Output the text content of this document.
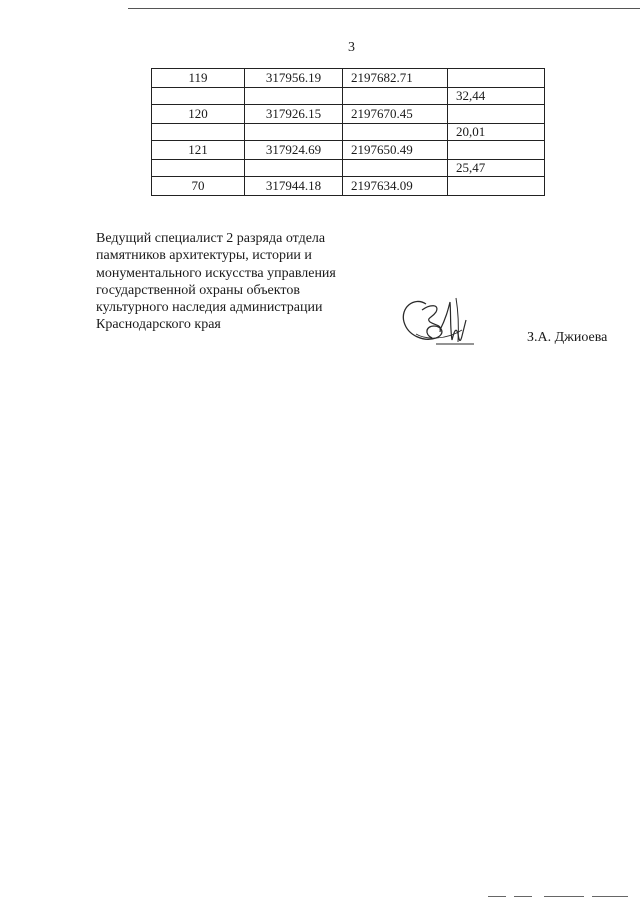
3
119	317956.19	2197682.71	
			32,44
120	317926.15	2197670.45	
			20,01
121	317924.69	2197650.49	
			25,47
70	317944.18	2197634.09	
Ведущий специалист 2 разряда отдела
памятников архитектуры, истории и
монументального искусства управления
государственной охраны объектов
культурного наследия администрации
Краснодарского края
З.А. Джиоева
